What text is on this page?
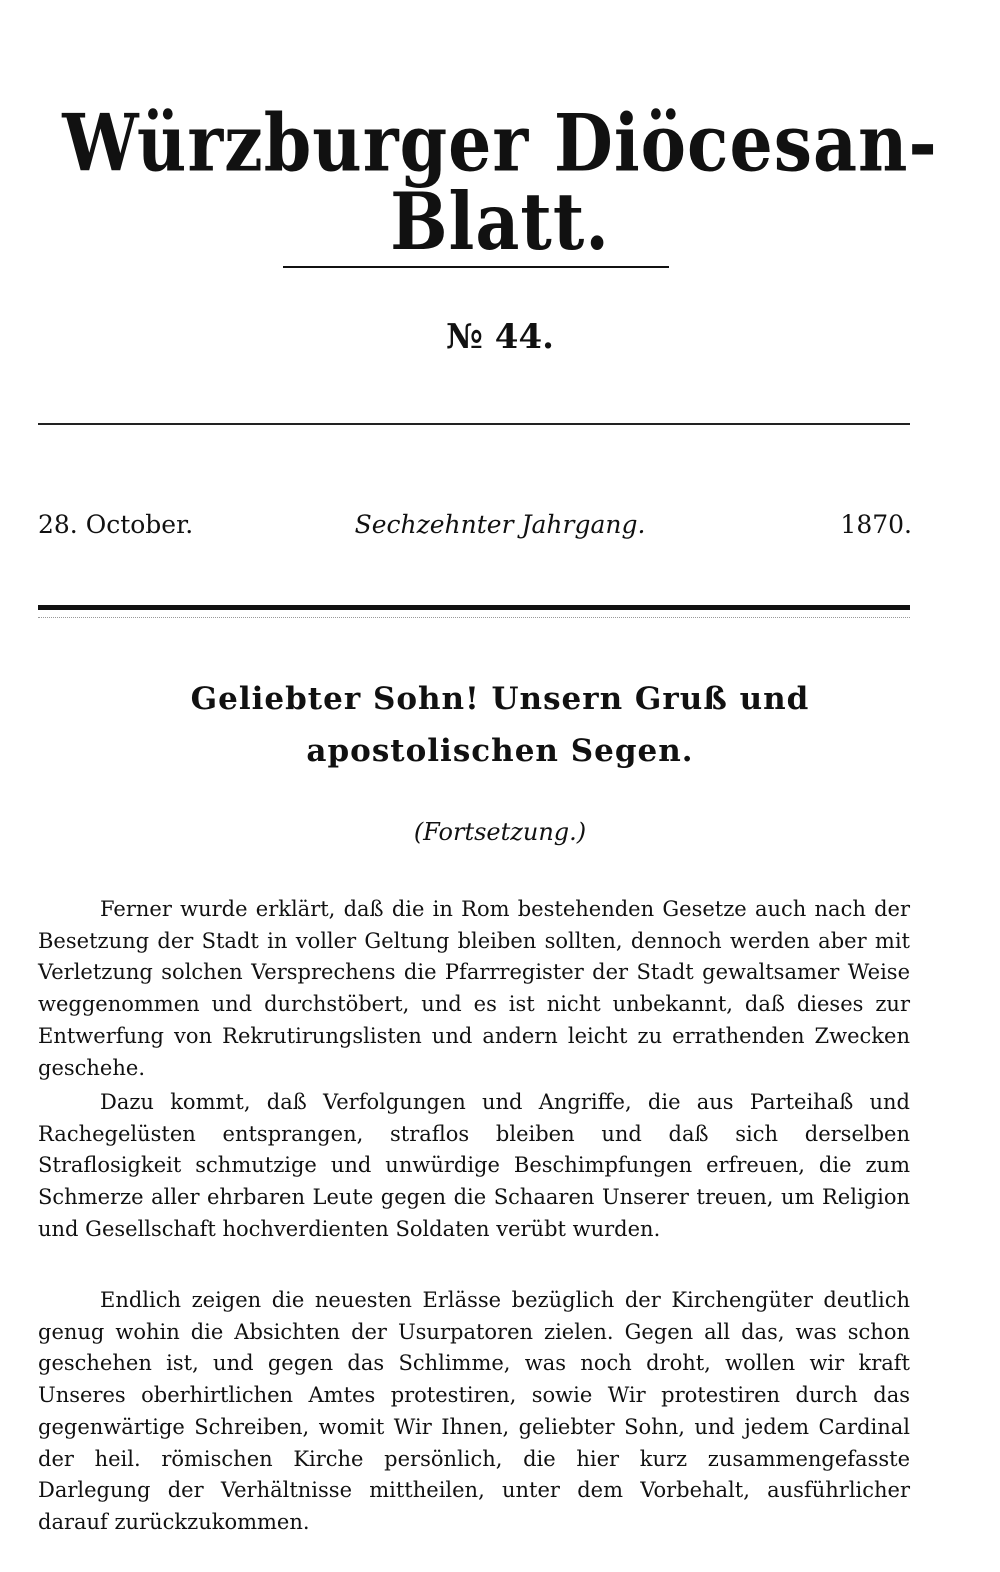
Würzburger Diöcesan-Blatt.
№ 44.
28. October.	Sechzehnter Jahrgang.	1870.
Geliebter Sohn! Unsern Gruß und apostolischen Segen.
(Fortsetzung.)

Ferner wurde erklärt, daß die in Rom bestehenden Gesetze auch nach der Besetzung der Stadt in voller Geltung bleiben sollten, dennoch werden aber mit Verletzung solchen Versprechens die Pfarrregister der Stadt gewaltsamer Weise weggenommen und durchstöbert, und es ist nicht unbekannt, daß dieses zur Entwerfung von Rekrutirungslisten und andern leicht zu errathenden Zwecken geschehe.

Dazu kommt, daß Verfolgungen und Angriffe, die aus Parteihaß und Rachegelüsten entsprangen, straflos bleiben und daß sich derselben Straflosigkeit schmutzige und unwürdige Beschimpfungen erfreuen, die zum Schmerze aller ehrbaren Leute gegen die Schaaren Unserer treuen, um Religion und Gesellschaft hochverdienten Soldaten verübt wurden.

Endlich zeigen die neuesten Erlässe bezüglich der Kirchengüter deutlich genug wohin die Absichten der Usurpatoren zielen. Gegen all das, was schon geschehen ist, und gegen das Schlimme, was noch droht, wollen wir kraft Unseres oberhirtlichen Amtes protestiren, sowie Wir protestiren durch das gegenwärtige Schreiben, womit Wir Ihnen, geliebter Sohn, und jedem Cardinal der heil. römischen Kirche persönlich, die hier kurz zusammengefasste Darlegung der Verhältnisse mittheilen, unter dem Vorbehalt, ausführlicher darauf zurückzukommen.
